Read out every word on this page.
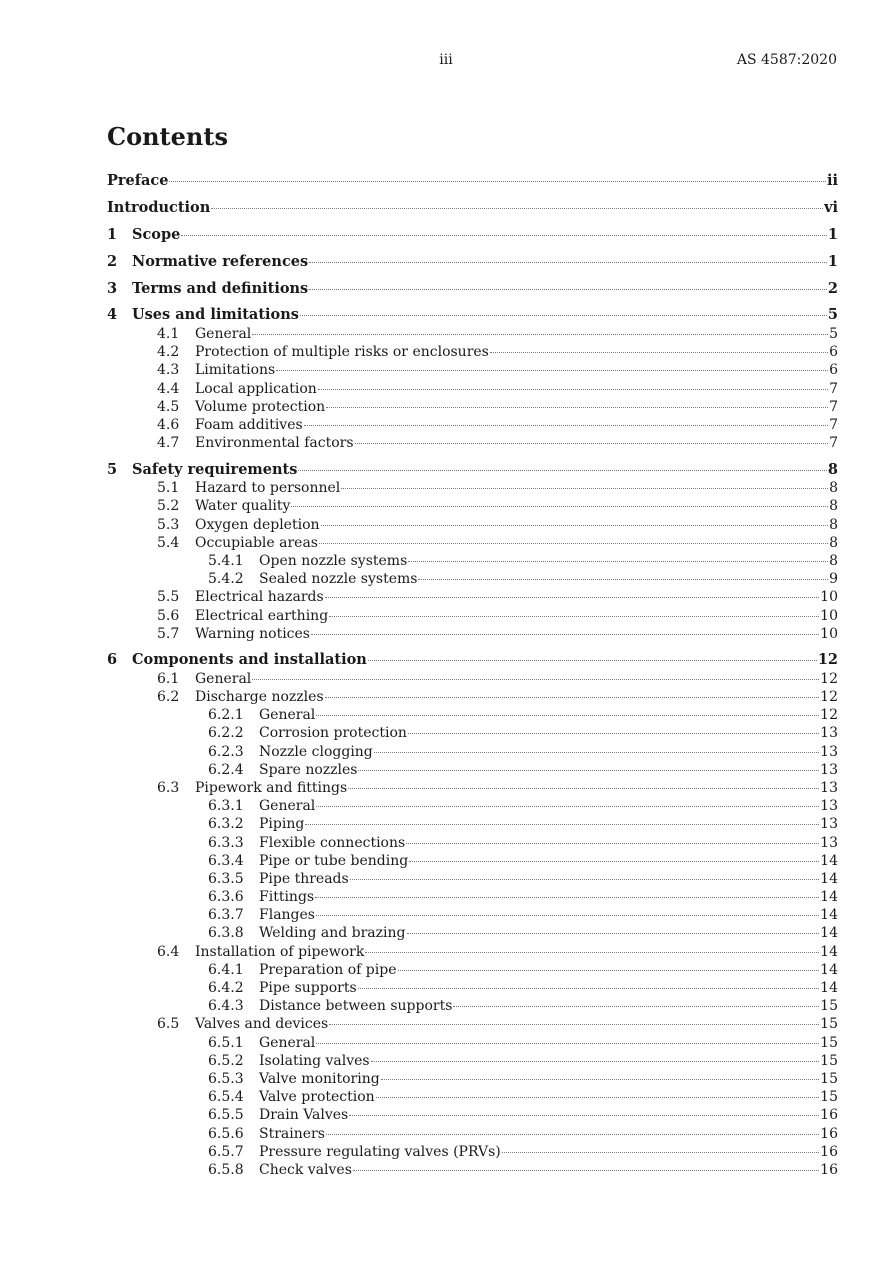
iii	AS 4587:2020
Contents
Preface	ii
Introduction	vi
1 Scope	1
2 Normative references	1
3 Terms and definitions	2
4 Uses and limitations	5
4.1 General	5
4.2 Protection of multiple risks or enclosures	6
4.3 Limitations	6
4.4 Local application	7
4.5 Volume protection	7
4.6 Foam additives	7
4.7 Environmental factors	7
5 Safety requirements	8
5.1 Hazard to personnel	8
5.2 Water quality	8
5.3 Oxygen depletion	8
5.4 Occupiable areas	8
5.4.1 Open nozzle systems	8
5.4.2 Sealed nozzle systems	9
5.5 Electrical hazards	10
5.6 Electrical earthing	10
5.7 Warning notices	10
6 Components and installation	12
6.1 General	12
6.2 Discharge nozzles	12
6.2.1 General	12
6.2.2 Corrosion protection	13
6.2.3 Nozzle clogging	13
6.2.4 Spare nozzles	13
6.3 Pipework and fittings	13
6.3.1 General	13
6.3.2 Piping	13
6.3.3 Flexible connections	13
6.3.4 Pipe or tube bending	14
6.3.5 Pipe threads	14
6.3.6 Fittings	14
6.3.7 Flanges	14
6.3.8 Welding and brazing	14
6.4 Installation of pipework	14
6.4.1 Preparation of pipe	14
6.4.2 Pipe supports	14
6.4.3 Distance between supports	15
6.5 Valves and devices	15
6.5.1 General	15
6.5.2 Isolating valves	15
6.5.3 Valve monitoring	15
6.5.4 Valve protection	15
6.5.5 Drain Valves	16
6.5.6 Strainers	16
6.5.7 Pressure regulating valves (PRVs)	16
6.5.8 Check valves	16
